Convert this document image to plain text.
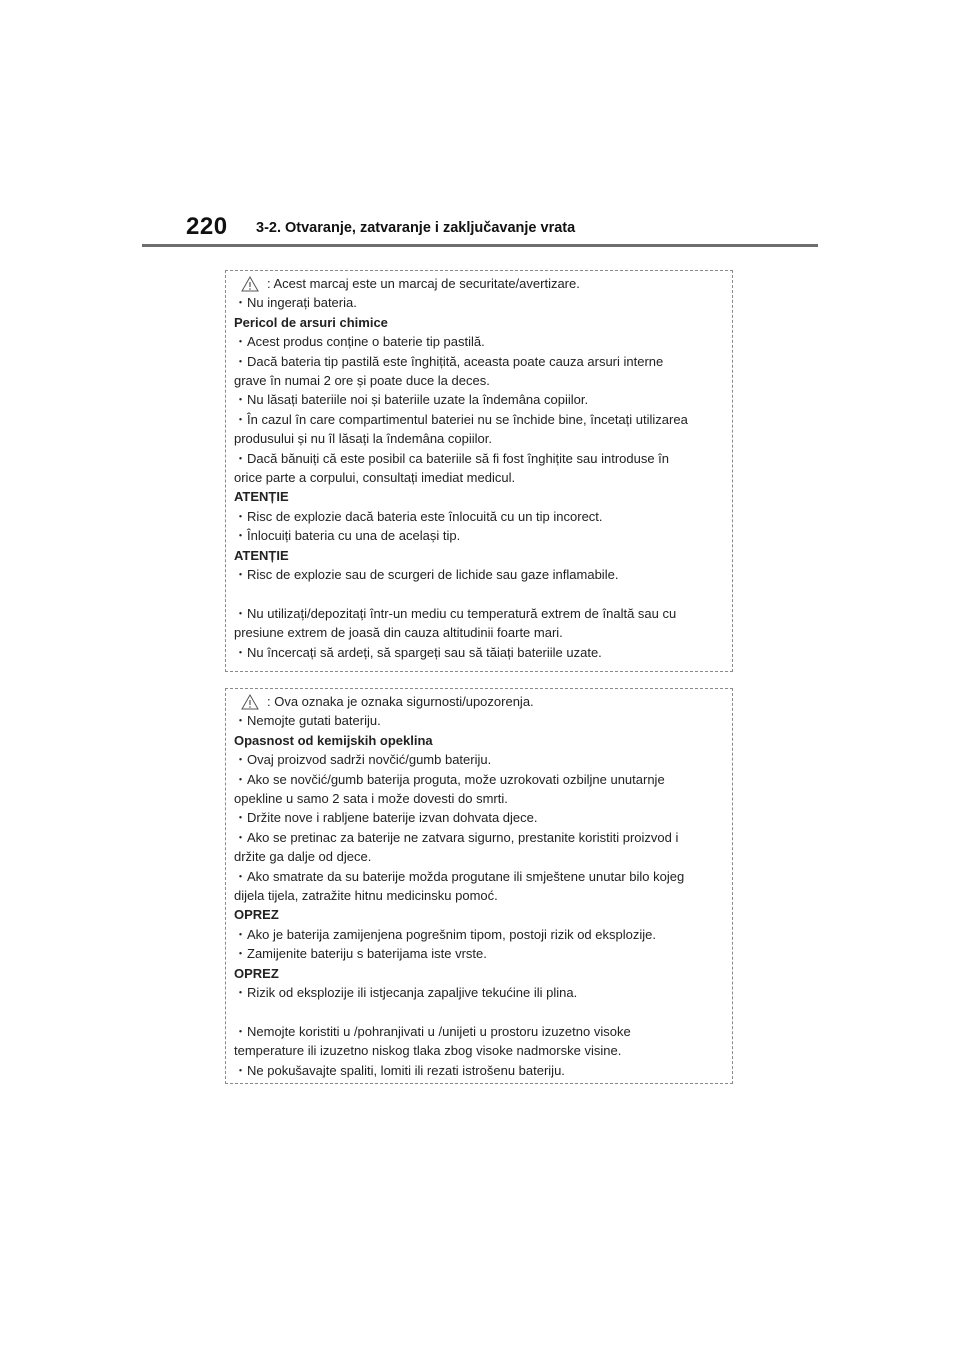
220 3-2. Otvaranje, zatvaranje i zaključavanje vrata
: Acest marcaj este un marcaj de securitate/avertizare.
・Nu ingerați bateria.
Pericol de arsuri chimice
・Acest produs conține o baterie tip pastilă.
・Dacă bateria tip pastilă este înghițită, aceasta poate cauza arsuri interne
grave în numai 2 ore și poate duce la deces.
・Nu lăsați bateriile noi și bateriile uzate la îndemâna copiilor.
・În cazul în care compartimentul bateriei nu se închide bine, încetați utilizarea
produsului și nu îl lăsați la îndemâna copiilor.
・Dacă bănuiți că este posibil ca bateriile să fi fost înghițite sau introduse în
orice parte a corpului, consultați imediat medicul.
ATENȚIE
・Risc de explozie dacă bateria este înlocuită cu un tip incorect.
・Înlocuiți bateria cu una de același tip.
ATENȚIE
・Risc de explozie sau de scurgeri de lichide sau gaze inflamabile.
・Nu utilizați/depozitați într-un mediu cu temperatură extrem de înaltă sau cu
presiune extrem de joasă din cauza altitudinii foarte mari.
・Nu încercați să ardeți, să spargeți sau să tăiați bateriile uzate.
: Ova oznaka je oznaka sigurnosti/upozorenja.
・Nemojte gutati bateriju.
Opasnost od kemijskih opeklina
・Ovaj proizvod sadrži novčić/gumb bateriju.
・Ako se novčić/gumb baterija proguta, može uzrokovati ozbiljne unutarnje
opekline u samo 2 sata i može dovesti do smrti.
・Držite nove i rabljene baterije izvan dohvata djece.
・Ako se pretinac za baterije ne zatvara sigurno, prestanite koristiti proizvod i
držite ga dalje od djece.
・Ako smatrate da su baterije možda progutane ili smještene unutar bilo kojeg
dijela tijela, zatražite hitnu medicinsku pomoć.
OPREZ
・Ako je baterija zamijenjena pogrešnim tipom, postoji rizik od eksplozije.
・Zamijenite bateriju s baterijama iste vrste.
OPREZ
・Rizik od eksplozije ili istjecanja zapaljive tekućine ili plina.
・Nemojte koristiti u /pohranjivati u /unijeti u prostoru izuzetno visoke
temperature ili izuzetno niskog tlaka zbog visoke nadmorske visine.
・Ne pokušavajte spaliti, lomiti ili rezati istrošenu bateriju.
